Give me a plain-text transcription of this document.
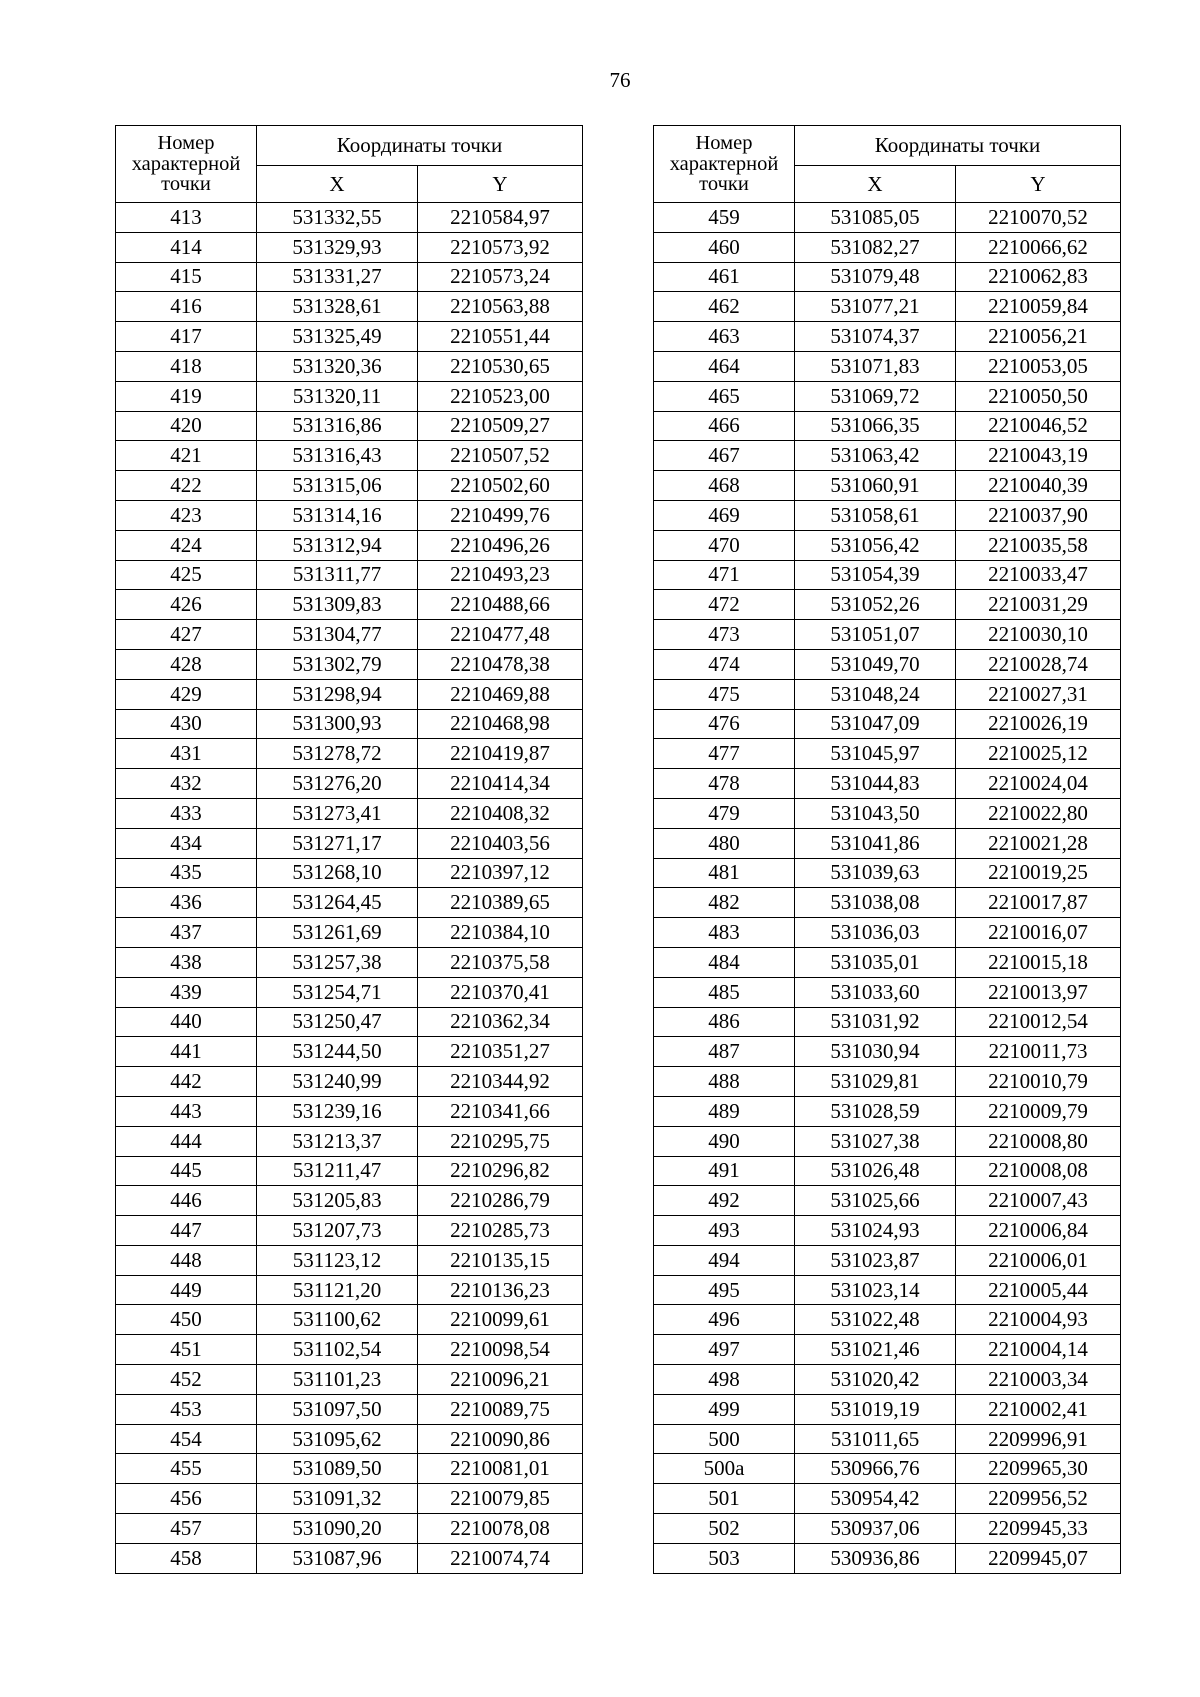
76
Номер характерной точки	Координаты точки	
	X	Y
413	531332,55	2210584,97
414	531329,93	2210573,92
415	531331,27	2210573,24
416	531328,61	2210563,88
417	531325,49	2210551,44
418	531320,36	2210530,65
419	531320,11	2210523,00
420	531316,86	2210509,27
421	531316,43	2210507,52
422	531315,06	2210502,60
423	531314,16	2210499,76
424	531312,94	2210496,26
425	531311,77	2210493,23
426	531309,83	2210488,66
427	531304,77	2210477,48
428	531302,79	2210478,38
429	531298,94	2210469,88
430	531300,93	2210468,98
431	531278,72	2210419,87
432	531276,20	2210414,34
433	531273,41	2210408,32
434	531271,17	2210403,56
435	531268,10	2210397,12
436	531264,45	2210389,65
437	531261,69	2210384,10
438	531257,38	2210375,58
439	531254,71	2210370,41
440	531250,47	2210362,34
441	531244,50	2210351,27
442	531240,99	2210344,92
443	531239,16	2210341,66
444	531213,37	2210295,75
445	531211,47	2210296,82
446	531205,83	2210286,79
447	531207,73	2210285,73
448	531123,12	2210135,15
449	531121,20	2210136,23
450	531100,62	2210099,61
451	531102,54	2210098,54
452	531101,23	2210096,21
453	531097,50	2210089,75
454	531095,62	2210090,86
455	531089,50	2210081,01
456	531091,32	2210079,85
457	531090,20	2210078,08
458	531087,96	2210074,74
Номер характерной точки	Координаты точки	
	X	Y
459	531085,05	2210070,52
460	531082,27	2210066,62
461	531079,48	2210062,83
462	531077,21	2210059,84
463	531074,37	2210056,21
464	531071,83	2210053,05
465	531069,72	2210050,50
466	531066,35	2210046,52
467	531063,42	2210043,19
468	531060,91	2210040,39
469	531058,61	2210037,90
470	531056,42	2210035,58
471	531054,39	2210033,47
472	531052,26	2210031,29
473	531051,07	2210030,10
474	531049,70	2210028,74
475	531048,24	2210027,31
476	531047,09	2210026,19
477	531045,97	2210025,12
478	531044,83	2210024,04
479	531043,50	2210022,80
480	531041,86	2210021,28
481	531039,63	2210019,25
482	531038,08	2210017,87
483	531036,03	2210016,07
484	531035,01	2210015,18
485	531033,60	2210013,97
486	531031,92	2210012,54
487	531030,94	2210011,73
488	531029,81	2210010,79
489	531028,59	2210009,79
490	531027,38	2210008,80
491	531026,48	2210008,08
492	531025,66	2210007,43
493	531024,93	2210006,84
494	531023,87	2210006,01
495	531023,14	2210005,44
496	531022,48	2210004,93
497	531021,46	2210004,14
498	531020,42	2210003,34
499	531019,19	2210002,41
500	531011,65	2209996,91
500а	530966,76	2209965,30
501	530954,42	2209956,52
502	530937,06	2209945,33
503	530936,86	2209945,07
